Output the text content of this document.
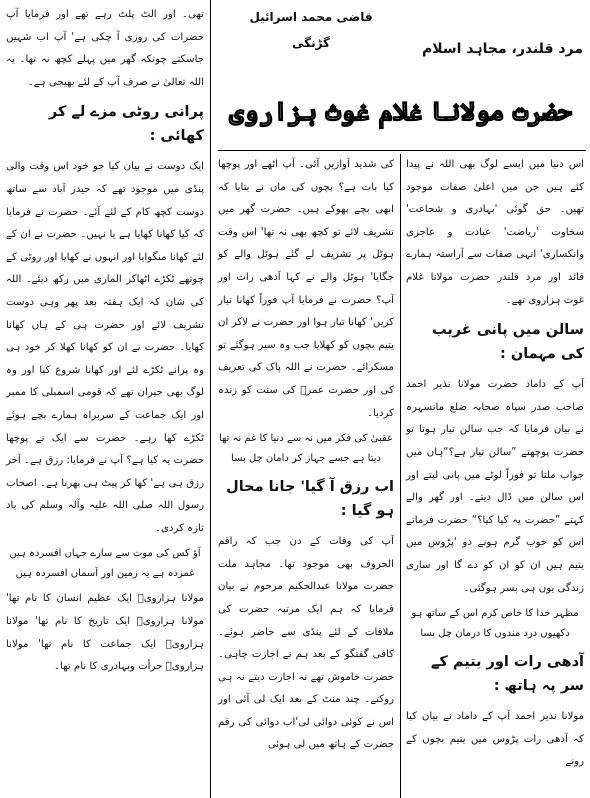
قاضی محمد اسرائیل گڑنگی	مرد قلندر، مجاہد اسلام
حضرت مولانا غلام غوث ہزاروی

اس دنیا میں ایسے لوگ بھی اللہ نے پیدا کئے ہیں جن میں اعلیٰ صفات موجود تھیں۔ حق گوئی 'بہادری و شجاعت' سخاوت 'ریاضت' عبادت و عاجزی وانکساری' انہی صفات سے آراستہ ہمارے قائد اور مرد قلندر حضرت مولانا غلام غوث ہزاروی تھے۔

سالن میں پانی غریب کی مہمان :

آپ کے داماد حضرت مولانا نذیر احمد صاحب صدر سپاہ صحابہ ضلع مانسہرہ نے بیان فرمایا کہ جب سالن تیار ہوتا تو حضرت پوچھتے ”سالن تیار ہے؟“ہاں میں جواب ملتا تو فوراً لوٹے میں پانی لیتے اور اس سالن میں ڈال دیتے۔ اور گھر والے کہتے ”حضرت یہ کیا کیا؟“ حضرت فرماتے اس کو خوب گرم ہونے دو 'پڑوس میں یتیم ہیں ان کو ان کو دے گا اور ساری زندگی یوں ہی بسر ہوگئی۔

مظہر خدا کا خاص کرم اس کے ساتھ ہو
دکھیوں درد مندوں کا درمان چل بسا
آدھی رات اور یتیم کے سر پہ ہاتھ :

مولانا نذیر احمد آپ کے داماد نے بیان کیا کہ آدھی رات پڑوس میں یتیم بچوں کے رونے

کی شدید آوازیں آئی۔ آپ اٹھے اور پوچھا کیا بات ہے؟ بچوں کی ماں نے بتایا کہ ابھی بچے بھوکے ہیں۔ حضرت گھر میں تشریف لائے تو کچھ بھی نہ تھا' اس وقت ہوٹل پر تشریف لے گئے ہوٹل والے کو جگایا' ہوٹل والے نے کہا آدھی رات اور آپ؟ حضرت نے فرمایا آپ فوراً کھانا تیار کریں' کھانا تیار ہوا اور حضرت نے لاکر ان یتیم بچوں کو کھلایا جب وہ سیر ہوگئے تو مسکرائے۔ حضرت نے اللہ پاک کی تعریف کی اور حضرت عمرؓ کی سنت کو زندہ کردیا۔

عقبیٰ کی فکر میں نہ سے دنیا کا غم نہ تھا
دیتا ہے جسے جہاز کر دامان چل بسا
اب رزق آ گیا' جانا محال ہو گیا :

آپ کی وفات کے دن جب کہ راقم الحروف بھی موجود تھا۔ مجاہد ملت حضرت مولانا عبدالحکیم مرحوم نے بیان فرمایا کہ ہم ایک مرتبہ حضرت کی ملاقات کے لئے پنڈی سے حاضر ہوئے۔ کافی گفتگو کے بعد ہم نے اجازت چاہی۔ حضرت خاموش تھے نہ اجازت دیتے نہ ہی روکتے۔ چند منٹ کے بعد ایک لی آئی اور اس نے کوئی دوائی لی'اب دوائی کی رقم حضرت کے ہاتھ میں لی ہوئی

تھی۔ اور الٹ پلٹ رہے تھے اور فرمایا آپ حضرات کی روزی آ چکی ہے' آپ اب شہیں جاسکتے چونکہ گھر میں پہلے کچھ نہ تھا۔ یہ اللہ تعالیٰ نے صرف آپ کے لئے بھیجی ہے۔

پرانی روٹی مزے لے کر کھائی :

ایک دوست نے بیان کیا جو خود اس وقت والی پنڈی میں موجود تھے کہ حیدر آباد سے ساتھ دوست کچھ کام کے لئے آئے۔ حضرت نے فرمایا کہ کیا کھانا کھایا ہے یا نہیں۔ حضرت نے ان کے لئے کھانا منگوایا اور انہوں نے کھایا اور روٹی کے چوتھے ٹکڑے اٹھاکر الماری میں رکھ دیئے۔ اللہ کی شان کہ ایک ہفتہ بعد پھر وہی دوست تشریف لائے اور حضرت ہی کے ہاں کھانا کھایا۔ حضرت نے ان کو کھانا کھلا کر خود ہی وہ پرانے ٹکڑے لئے اور کھانا شروع کیا اور وہ لوگ بھی حیران تھے کہ قومی اسمبلی کا ممبر اور ایک جماعت کے سربراہ ہمارے بچے ہوئے ٹکڑے کھا رہے۔ حضرت سے ایک نے پوچھا حضرت یہ کیا ہے؟ آپ نے فرمایا: رزق ہے۔ آخر رزق ہی ہے' کھا کر پیٹ ہی بھرنا ہے۔ اصحاب رسول اللہ صلی اللہ علیہ وآلہ وسلم کی یاد تازہ کردی۔

آؤ کس کی موت سے سارے جہاں افسردہ ہیں
غمزدہ ہے یہ زمین اور آسماں افسردہ ہیں

مولانا ہزارویؒ ایک عظیم انسان کا نام تھا' مولانا ہزارویؒ ایک تاریخ کا نام تھا' مولانا ہزارویؒ ایک جماعت کا نام تھا' مولانا ہزارویؒ جرأت وبہادری کا نام تھا۔
